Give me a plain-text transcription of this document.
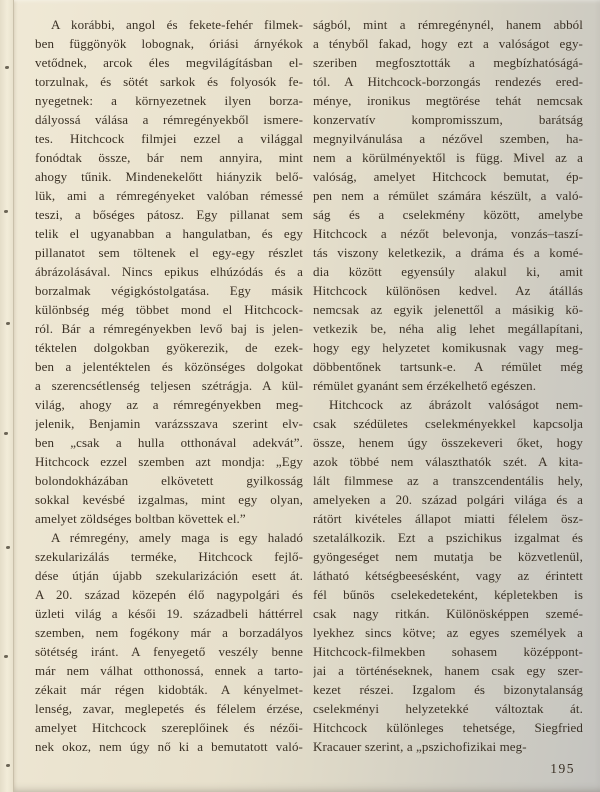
A korábbi, angol és fekete-fehér filmek-
ben függönyök lobognak, óriási árnyékok
vetődnek, arcok éles megvilágításban el-
torzulnak, és sötét sarkok és folyosók fe-
nyegetnek: a környezetnek ilyen borza-
dályossá válása a rémregényekből ismere-
tes. Hitchcock filmjei ezzel a világgal
fonódtak össze, bár nem annyira, mint
ahogy tűnik. Mindenekelőtt hiányzik belő-
lük, ami a rémregényeket valóban rémessé
teszi, a bőséges pátosz. Egy pillanat sem
telik el ugyanabban a hangulatban, és egy
pillanatot sem töltenek el egy-egy részlet
ábrázolásával. Nincs epikus elhúzódás és a
borzalmak végigkóstolgatása. Egy másik
különbség még többet mond el Hitchcock-
ról. Bár a rémregényekben levő baj is jelen-
téktelen dolgokban gyökerezik, de ezek-
ben a jelentéktelen és közönséges dolgokat
a szerencsétlenség teljesen szétrágja. A kül-
világ, ahogy az a rémregényekben meg-
jelenik, Benjamin varázsszava szerint elv-
ben „csak a hulla otthonával adekvát”.
Hitchcock ezzel szemben azt mondja: „Egy
bolondokházában elkövetett gyilkosság
sokkal kevésbé izgalmas, mint egy olyan,
amelyet zöldséges boltban követtek el.”
A rémregény, amely maga is egy haladó
szekularizálás terméke, Hitchcock fejlő-
dése útján újabb szekularizáción esett át.
A 20. század közepén élő nagypolgári és
üzleti világ a késői 19. századbeli háttérrel
szemben, nem fogékony már a borzadályos
sötétség iránt. A fenyegető veszély benne
már nem válhat otthonossá, ennek a tarto-
zékait már régen kidobták. A kényelmet-
lenség, zavar, meglepetés és félelem érzése,
amelyet Hitchcock szereplőinek és nézői-
nek okoz, nem úgy nő ki a bemutatott való-
ságból, mint a rémregénynél, hanem abból
a tényből fakad, hogy ezt a valóságot egy-
szeriben megfosztották a megbízhatóságá-
tól. A Hitchcock-borzongás rendezés ered-
ménye, ironikus megtörése tehát nemcsak
konzervatív kompromisszum, barátság
megnyilvánulása a nézővel szemben, ha-
nem a körülményektől is függ. Mivel az a
valóság, amelyet Hitchcock bemutat, ép-
pen nem a rémület számára készült, a való-
ság és a cselekmény között, amelybe
Hitchcock a nézőt belevonja, vonzás–taszí-
tás viszony keletkezik, a dráma és a komé-
dia között egyensúly alakul ki, amit
Hitchcock különösen kedvel. Az átállás
nemcsak az egyik jelenettől a másikig kö-
vetkezik be, néha alig lehet megállapítani,
hogy egy helyzetet komikusnak vagy meg-
döbbentőnek tartsunk-e. A rémület még
rémület gyanánt sem érzékelhető egészen.
Hitchcock az ábrázolt valóságot nem-
csak szédületes cselekményekkel kapcsolja
össze, henem úgy összekeveri őket, hogy
azok többé nem választhatók szét. A kita-
lált filmmese az a transzcendentális hely,
amelyeken a 20. század polgári világa és a
rátört kivételes állapot miatti félelem ösz-
szetalálkozik. Ezt a pszichikus izgalmat és
gyöngeséget nem mutatja be közvetlenül,
látható kétségbeesésként, vagy az érintett
fél bűnös cselekedeteként, képletekben is
csak nagy ritkán. Különösképpen szemé-
lyekhez sincs kötve; az egyes személyek a
Hitchcock-filmekben sohasem középpont-
jai a történéseknek, hanem csak egy szer-
kezet részei. Izgalom és bizonytalanság
cselekményi helyzetekké változtak át.
Hitchcock különleges tehetsége, Siegfried
Kracauer szerint, a „pszichofizikai meg-
195
